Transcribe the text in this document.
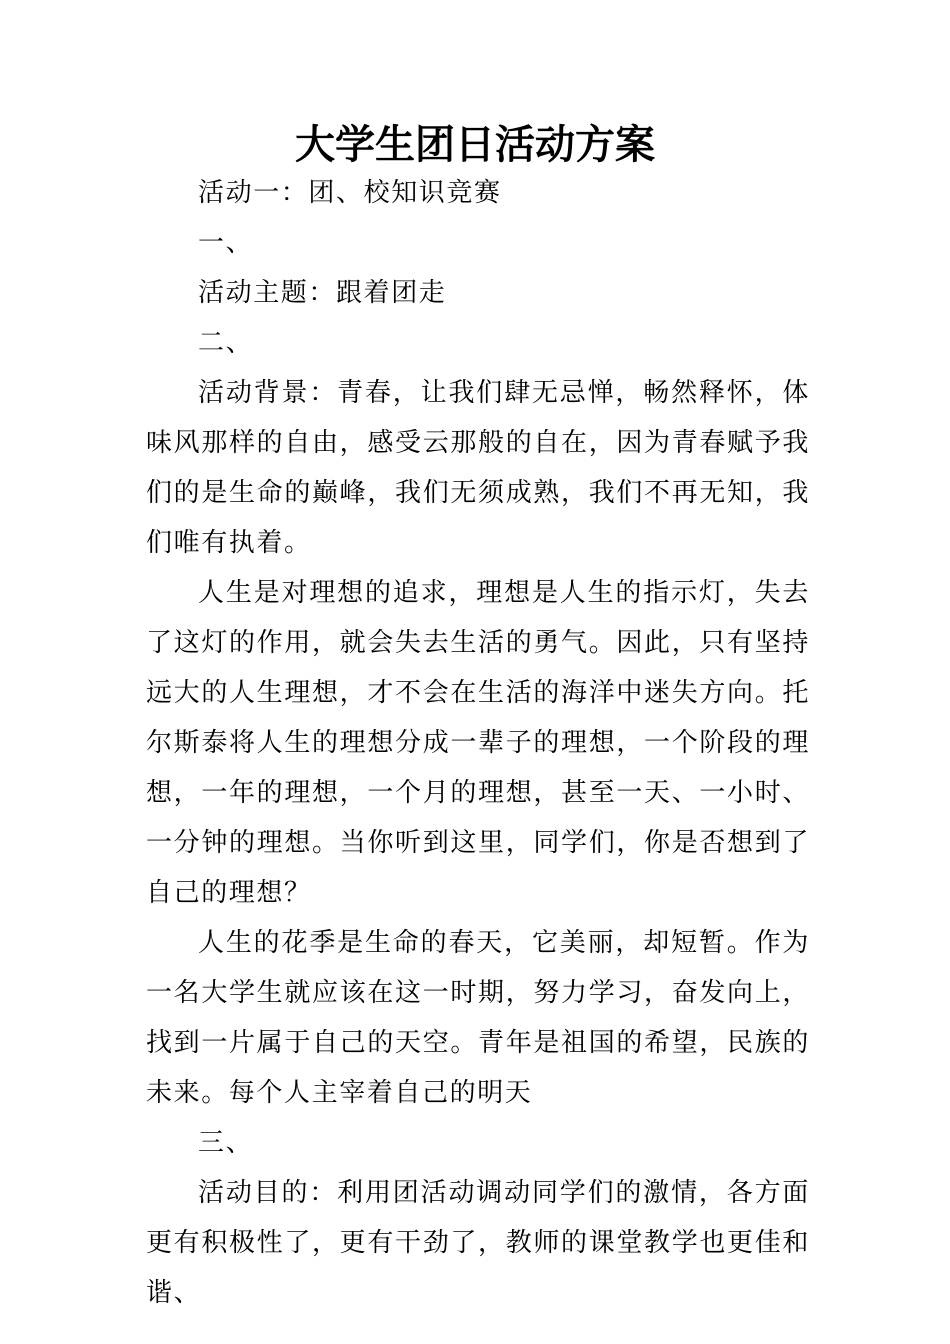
大学生团日活动方案

活动一：团、校知识竞赛

一、

活动主题：跟着团走

二、

活动背景：青春，让我们肆无忌惮，畅然释怀，体味风那样的自由，感受云那般的自在，因为青春赋予我们的是生命的巅峰，我们无须成熟，我们不再无知，我们唯有执着。

人生是对理想的追求，理想是人生的指示灯，失去了这灯的作用，就会失去生活的勇气。因此，只有坚持远大的人生理想，才不会在生活的海洋中迷失方向。托尔斯泰将人生的理想分成一辈子的理想，一个阶段的理想，一年的理想，一个月的理想，甚至一天、一小时、一分钟的理想。当你听到这里，同学们，你是否想到了自己的理想？

人生的花季是生命的春天，它美丽，却短暂。作为一名大学生就应该在这一时期，努力学习，奋发向上，找到一片属于自己的天空。青年是祖国的希望，民族的未来。每个人主宰着自己的明天

三、

活动目的：利用团活动调动同学们的激情，各方面更有积极性了，更有干劲了，教师的课堂教学也更佳和谐、
